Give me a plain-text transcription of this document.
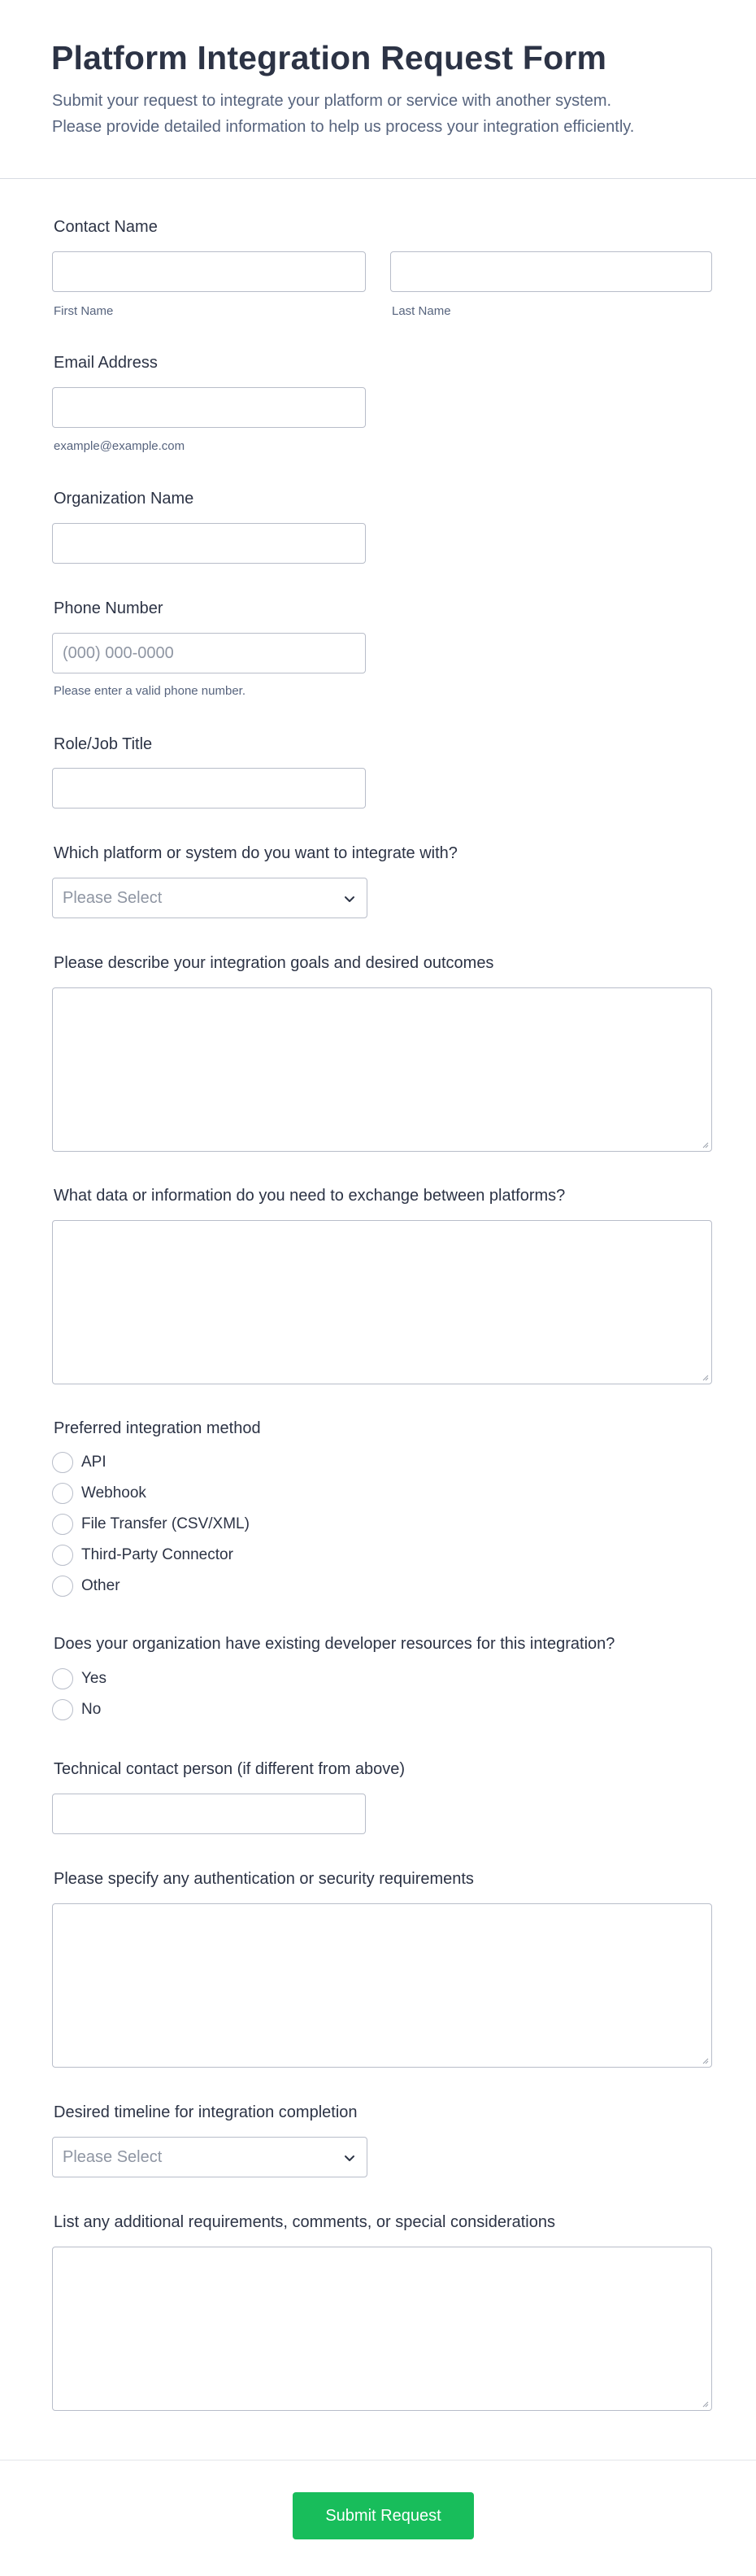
Platform Integration Request Form
Submit your request to integrate your platform or service with another system.
Please provide detailed information to help us process your integration efficiently.
Contact Name
First Name	Last Name
Email Address
example@example.com
Organization Name
Phone Number
(000) 000-0000
Please enter a valid phone number.
Role/Job Title
Which platform or system do you want to integrate with?
Please Select
Please describe your integration goals and desired outcomes
What data or information do you need to exchange between platforms?
Preferred integration method
API
Webhook
File Transfer (CSV/XML)
Third-Party Connector
Other
Does your organization have existing developer resources for this integration?
Yes
No
Technical contact person (if different from above)
Please specify any authentication or security requirements
Desired timeline for integration completion
Please Select
List any additional requirements, comments, or special considerations
Submit Request
